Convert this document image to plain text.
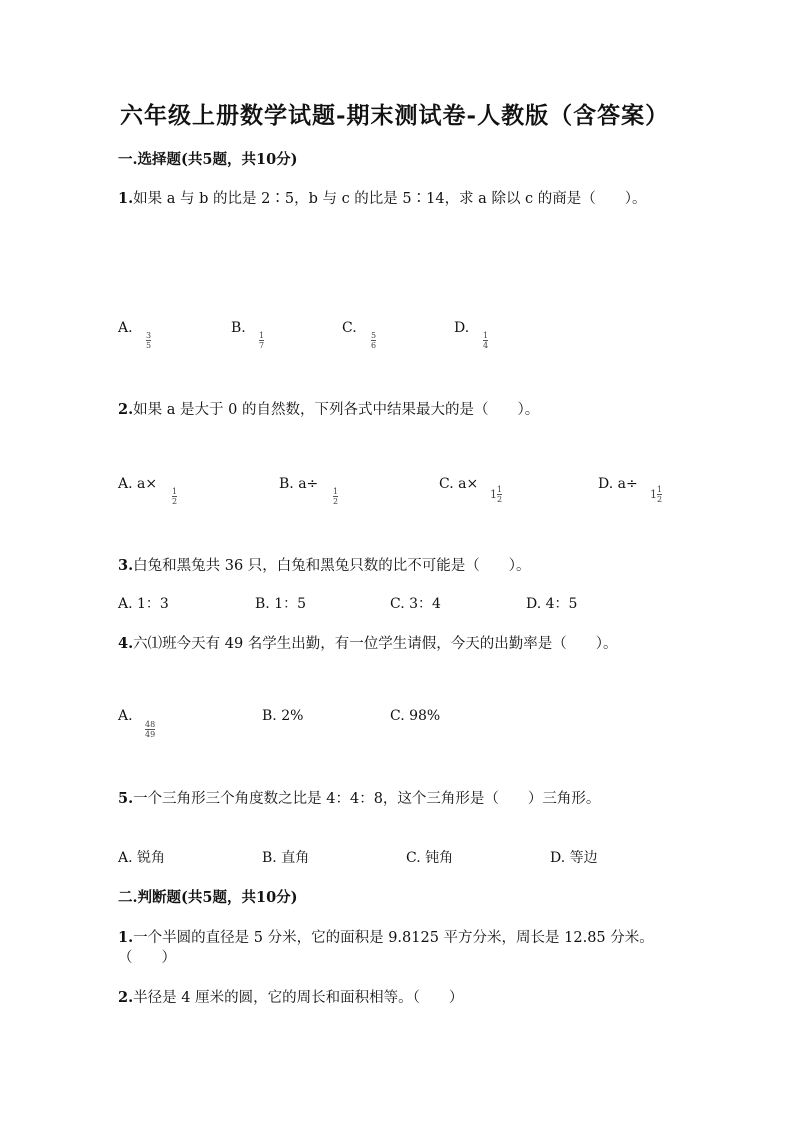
六年级上册数学试题-期末测试卷-人教版（含答案）
一.选择题(共5题，共10分)
1.如果 a 与 b 的比是 2∶5，b 与 c 的比是 5∶14，求 a 除以 c 的商是（　　）。
A. 3
5
B. 1
7
C. 5
6
D. 1
4
2.如果 a 是大于 0 的自然数，下列各式中结果最大的是（　　）。
A. a× 1
2
B. a÷ 1
2
C. a×
$1 \frac{1}{2}$
D. a÷
$1 \frac{1}{2}$
3.白兔和黑兔共 36 只，白兔和黑兔只数的比不可能是（　　）。
A. 1：3	B. 1：5	C. 3：4	D. 4：5
4.六⑴班今天有 49 名学生出勤，有一位学生请假，今天的出勤率是（　　）。
A.
48
49
B. 2%	C. 98%
5.一个三角形三个角度数之比是 4：4：8，这个三角形是（　　）三角形。
A. 锐角	B. 直角	C. 钝角	D. 等边
二.判断题(共5题，共10分)
1.一个半圆的直径是 5 分米，它的面积是 9.8125 平方分米，周长是 12.85 分米。
（　　）
2.半径是 4 厘米的圆，它的周长和面积相等。（　　）
